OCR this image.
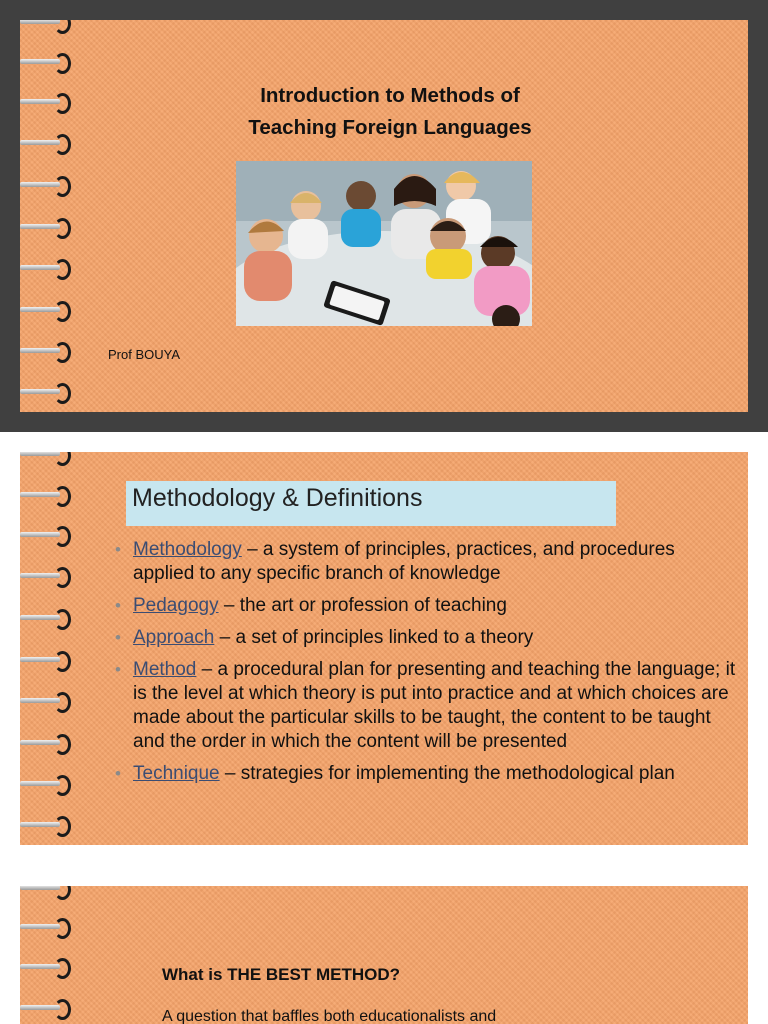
Introduction to Methods of
Teaching Foreign Languages
Prof BOUYA
Methodology & Definitions
• Methodology – a system of principles, practices, and procedures applied to any specific branch of knowledge
• Pedagogy – the art or profession of teaching
• Approach – a set of principles linked to a theory
• Method – a procedural plan for presenting and teaching the language; it is the level at which theory is put into practice and at which choices are made about the particular skills to be taught, the content to be taught and the order in which the content will be presented
• Technique – strategies for implementing the methodological plan
What is THE BEST METHOD?
A question that baffles both educationalists and
